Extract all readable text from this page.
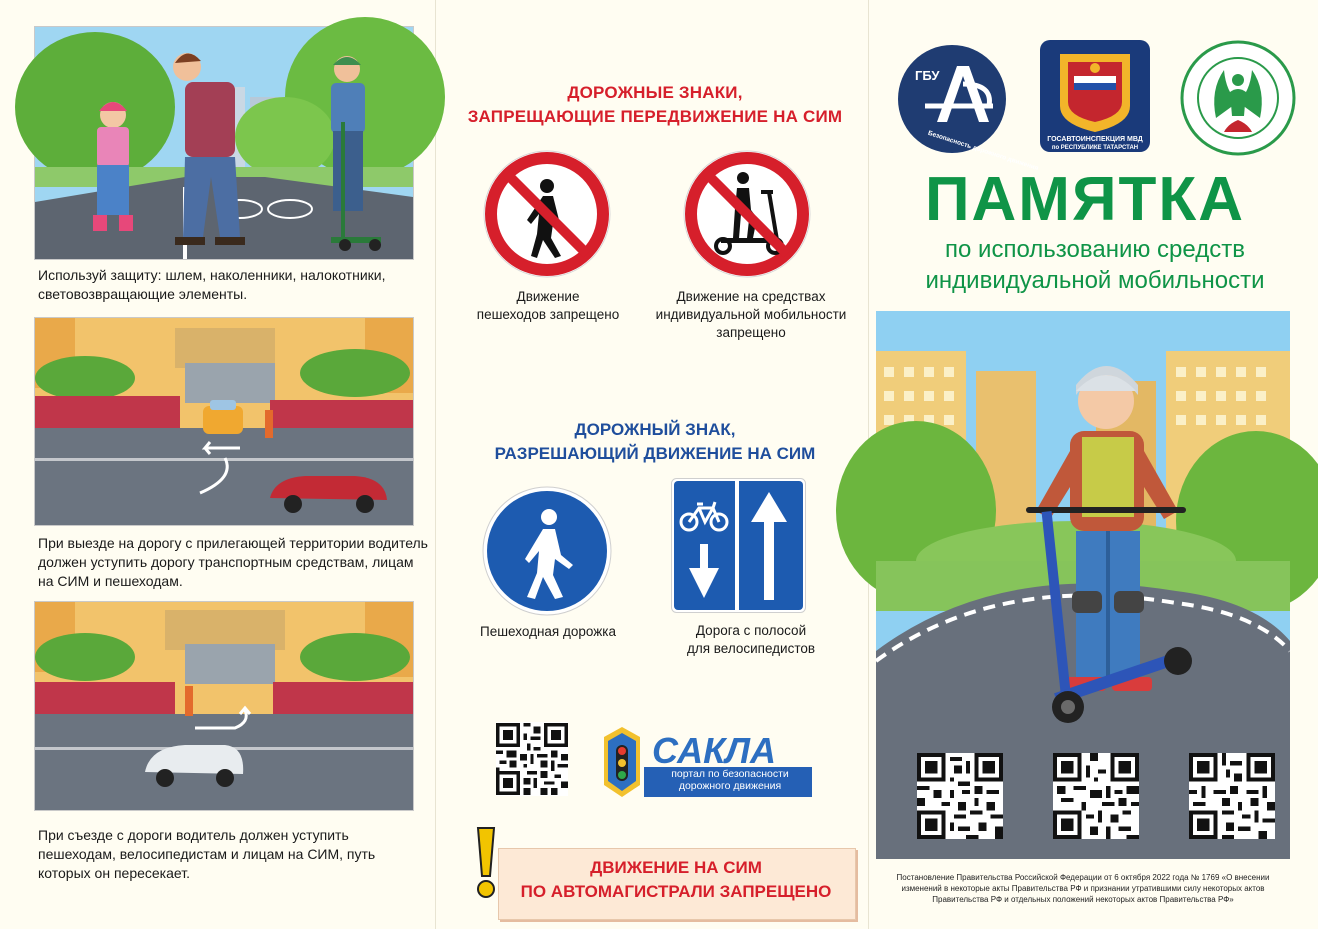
Используй защиту: шлем, наколенники, налокотники, световозвращающие элементы.
При выезде на дорогу с прилегающей территории водитель должен уступить дорогу транспортным средствам, лицам на СИМ и пешеходам.
При съезде с дороги водитель должен уступить пешеходам, велосипедистам и лицам на СИМ, путь которых он пересекает.
ДОРОЖНЫЕ ЗНАКИ,
ЗАПРЕЩАЮЩИЕ ПЕРЕДВИЖЕНИЕ НА СИМ
Движение
пешеходов запрещено
Движение на средствах
индивидуальной мобильности
запрещено
ДОРОЖНЫЙ ЗНАК,
РАЗРЕШАЮЩИЙ ДВИЖЕНИЕ НА СИМ
Пешеходная дорожка	Дорога с полосой
для велосипедистов
САКЛА
портал по безопасности
дорожного движения
ДВИЖЕНИЕ НА СИМ
ПО АВТОМАГИСТРАЛИ ЗАПРЕЩЕНО
ГБУ
Безопасность дорожного движения ГОСАВТОИНСПЕКЦИЯ МВД
по РЕСПУБЛИКЕ ТАТАРСТАН
ПАМЯТКА
по использованию средств
индивидуальной мобильности
Постановление Правительства Российской Федерации от 6 октября 2022 года № 1769 «О внесении
изменений в некоторые акты Правительства РФ и признании утратившими силу некоторых актов
Правительства РФ и отдельных положений некоторых актов Правительства РФ»
